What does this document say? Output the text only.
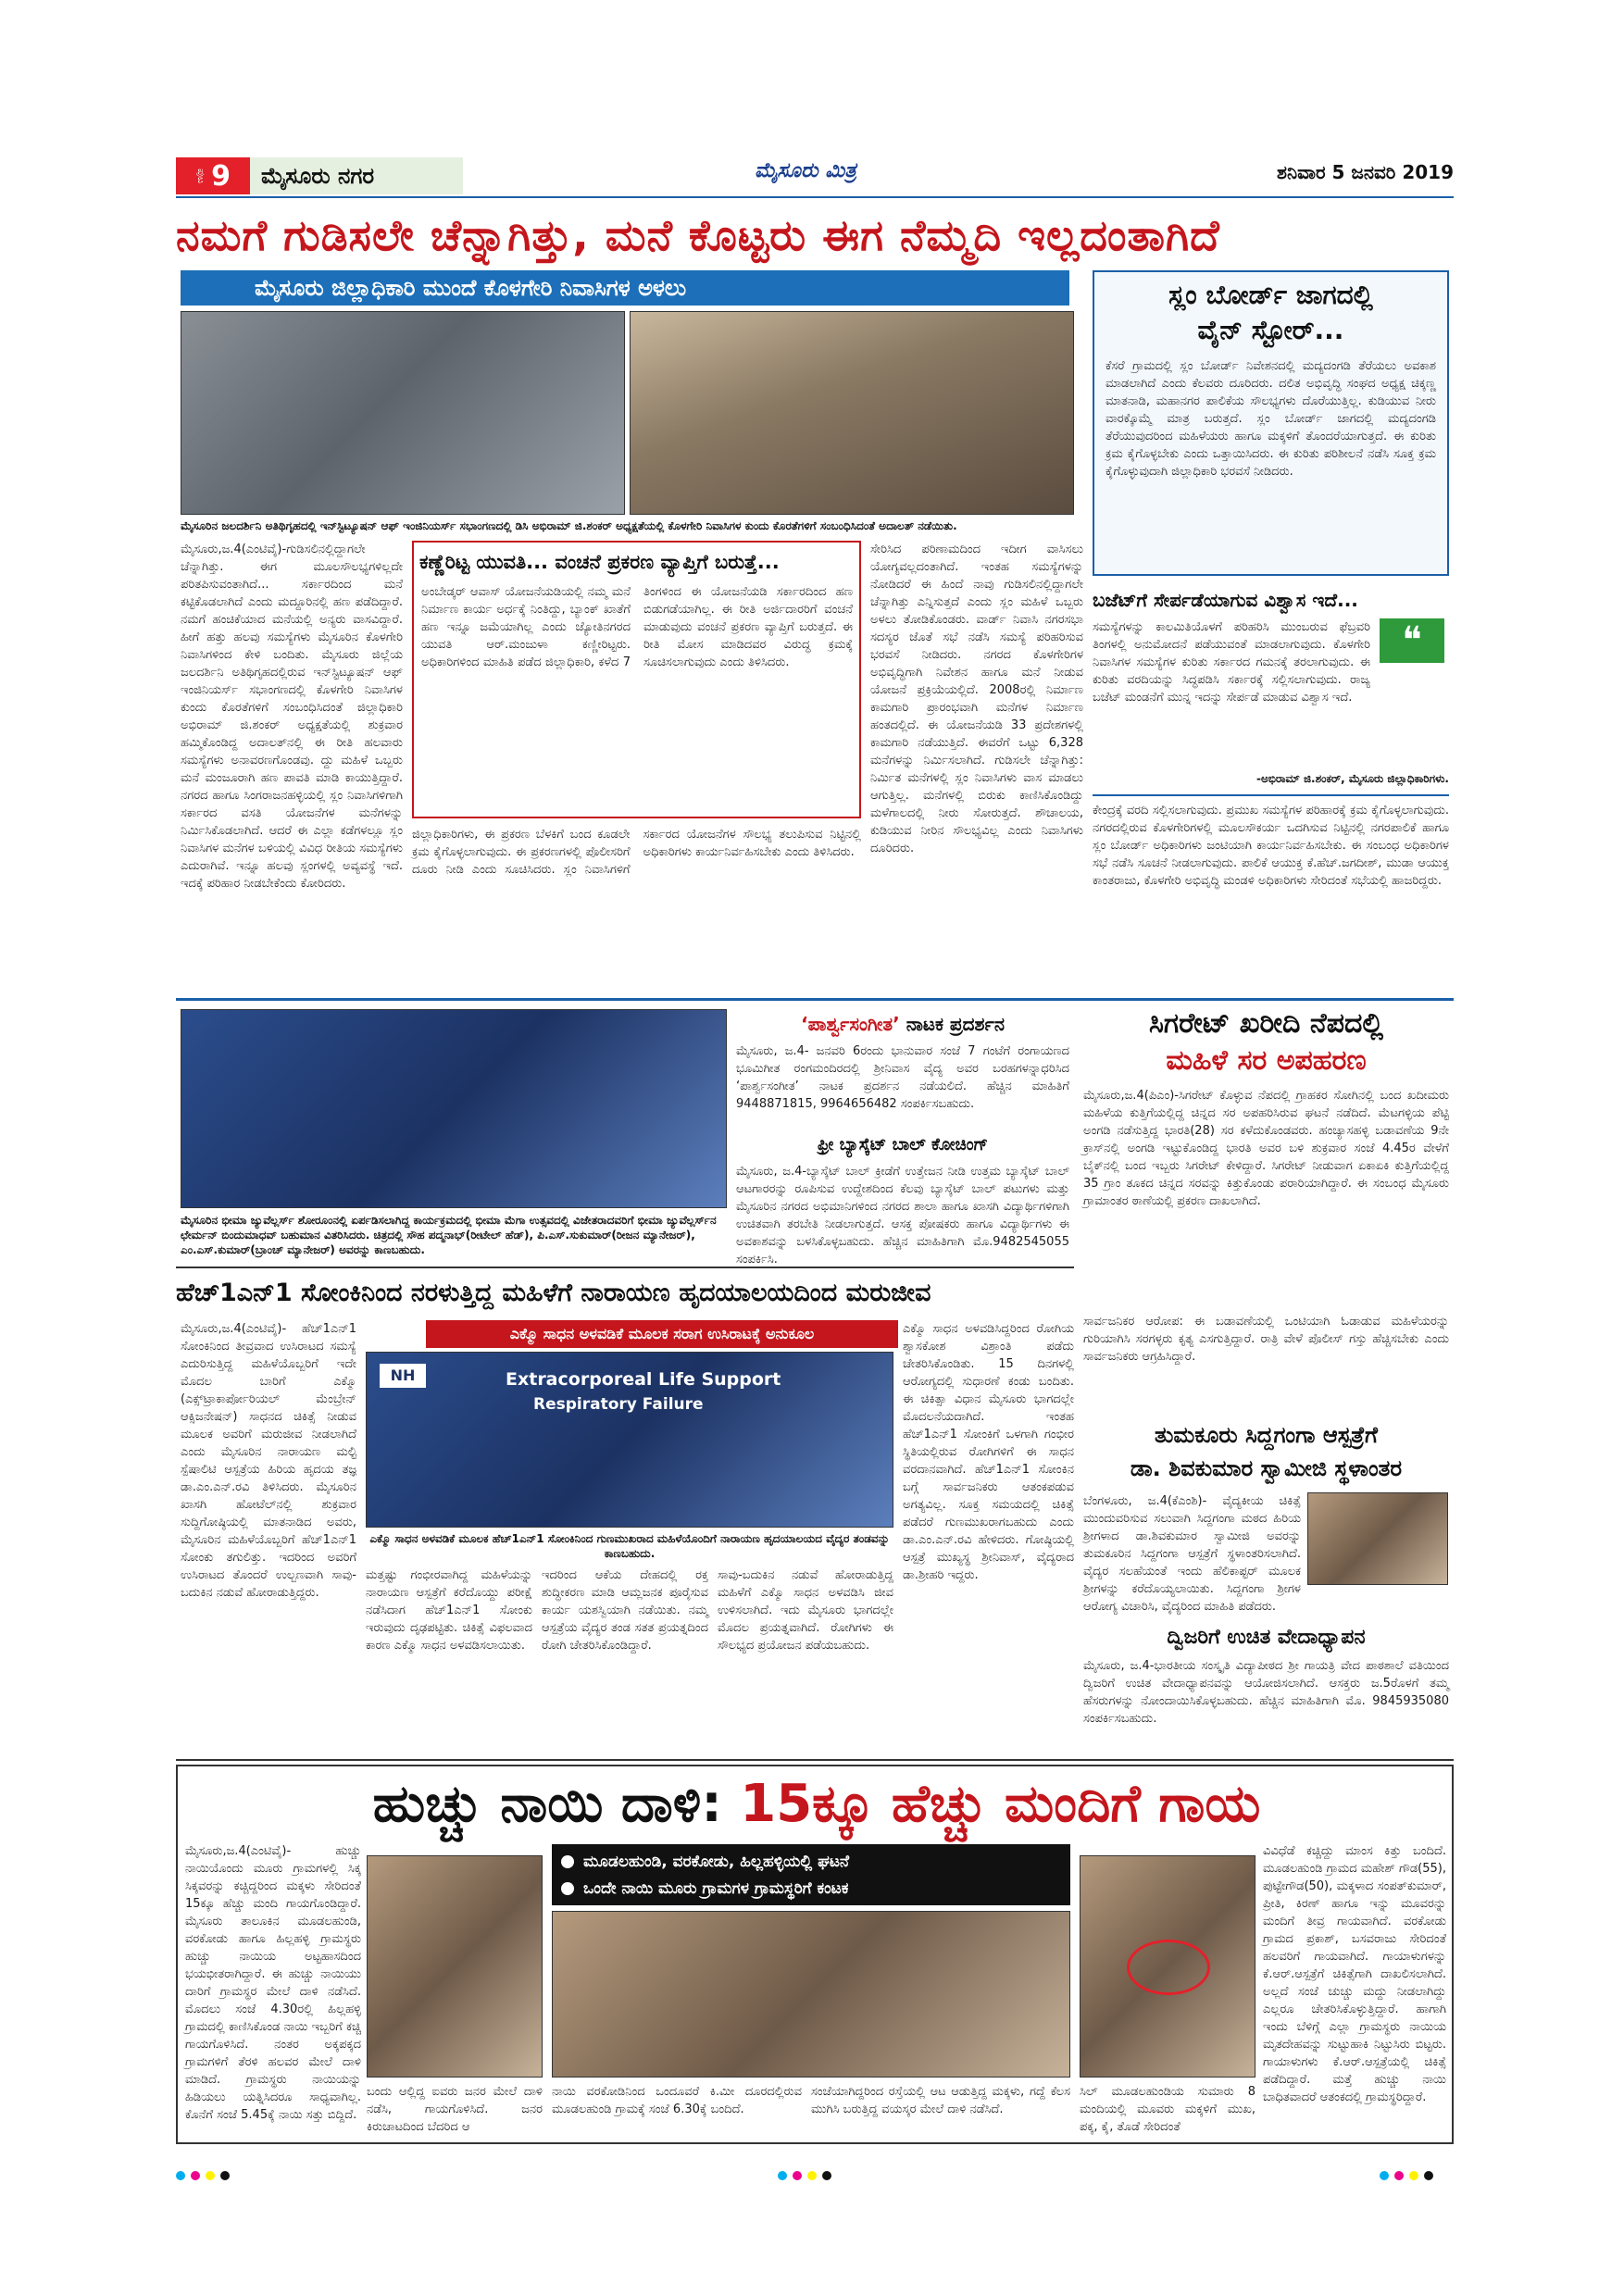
ಪುಟ 9	ಮೈಸೂರು ನಗರ	ಮೈಸೂರು ಮಿತ್ರ	ಶನಿವಾರ 5 ಜನವರಿ 2019
ನಮಗೆ ಗುಡಿಸಲೇ ಚೆನ್ನಾಗಿತ್ತು, ಮನೆ ಕೊಟ್ಟರು ಈಗ ನೆಮ್ಮದಿ ಇಲ್ಲದಂತಾಗಿದೆ
ಮೈಸೂರು ಜಿಲ್ಲಾಧಿಕಾರಿ ಮುಂದೆ ಕೊಳಗೇರಿ ನಿವಾಸಿಗಳ ಅಳಲು
ಮೈಸೂರಿನ ಜಲದರ್ಶಿನಿ ಅತಿಥಿಗೃಹದಲ್ಲಿ ಇನ್‌ಸ್ಟಿಟ್ಯೂಷನ್ ಆಫ್ ಇಂಜಿನಿಯರ್ಸ್ ಸಭಾಂಗಣದಲ್ಲಿ ಡಿಸಿ ಅಭಿರಾಮ್ ಜಿ.ಶಂಕರ್ ಅಧ್ಯಕ್ಷತೆಯಲ್ಲಿ ಕೊಳಗೇರಿ ನಿವಾಸಿಗಳ ಕುಂದು ಕೊರತೆಗಳಿಗೆ ಸಂಬಂಧಿಸಿದಂತೆ ಅದಾಲತ್ ನಡೆಯಿತು.
ಮೈಸೂರು,ಜ.4(ಎಂಟಿವೈ)-ಗುಡಿಸಲಿನಲ್ಲಿದ್ದಾಗಲೇ ಚೆನ್ನಾಗಿತ್ತು. ಈಗ ಮೂಲಸೌಲಭ್ಯಗಳಿಲ್ಲದೇ ಪರಿತಪಿಸುವಂತಾಗಿದೆ... ಸರ್ಕಾರದಿಂದ ಮನೆ ಕಟ್ಟಿಕೊಡಲಾಗಿದೆ ಎಂದು ಮದ್ದೂರಿನಲ್ಲಿ ಹಣ ಪಡೆದಿದ್ದಾರೆ. ನಮಗೆ ಹಂಚಿಕೆಯಾದ ಮನೆಯಲ್ಲಿ ಅನ್ಯರು ವಾಸವಿದ್ದಾರೆ. ಹೀಗೆ ಹತ್ತು ಹಲವು ಸಮಸ್ಯೆಗಳು ಮೈಸೂರಿನ ಕೊಳಗೇರಿ ನಿವಾಸಿಗಳಿಂದ ಕೇಳಿ ಬಂದಿತು. ಮೈಸೂರು ಜಿಲ್ಲೆಯ ಜಲದರ್ಶಿನಿ ಅತಿಥಿಗೃಹದಲ್ಲಿರುವ ಇನ್‌ಸ್ಟಿಟ್ಯೂಷನ್ ಆಫ್ ಇಂಜಿನಿಯರ್ಸ್ ಸಭಾಂಗಣದಲ್ಲಿ ಕೊಳಗೇರಿ ನಿವಾಸಿಗಳ ಕುಂದು ಕೊರತೆಗಳಿಗೆ ಸಂಬಂಧಿಸಿದಂತೆ ಜಿಲ್ಲಾಧಿಕಾರಿ ಅಭಿರಾಮ್ ಜಿ.ಶಂಕರ್ ಅಧ್ಯಕ್ಷತೆಯಲ್ಲಿ ಶುಕ್ರವಾರ ಹಮ್ಮಿಕೊಂಡಿದ್ದ ಅದಾಲತ್‌ನಲ್ಲಿ ಈ ರೀತಿ ಹಲವಾರು ಸಮಸ್ಯೆಗಳು ಅನಾವರಣಗೊಂಡವು. ದ್ದು ಮಹಿಳೆ ಒಬ್ಬರು ಮನೆ ಮಂಜೂರಾಗಿ ಹಣ ಪಾವತಿ ಮಾಡಿ ಕಾಯುತ್ತಿದ್ದಾರೆ. ನಗರದ ಹಾಗೂ ಸಿಂಗರಾಜನಹಳ್ಳಿಯಲ್ಲಿ ಸ್ಲಂ ನಿವಾಸಿಗಳಿಗಾಗಿ ಸರ್ಕಾರದ ವಸತಿ ಯೋಜನೆಗಳ ಮನೆಗಳನ್ನು ನಿರ್ಮಿಸಿಕೊಡಲಾಗಿದೆ. ಆದರೆ ಈ ಎಲ್ಲಾ ಕಡೆಗಳಲ್ಲೂ ಸ್ಲಂ ನಿವಾಸಿಗಳ ಮನೆಗಳ ಬಳಿಯಲ್ಲಿ ವಿವಿಧ ರೀತಿಯ ಸಮಸ್ಯೆಗಳು ಎದುರಾಗಿವೆ. ಇನ್ನೂ ಹಲವು ಸ್ಲಂಗಳಲ್ಲಿ ಅವ್ಯವಸ್ಥೆ ಇದೆ. ಇದಕ್ಕೆ ಪರಿಹಾರ ನೀಡಬೇಕೆಂದು ಕೋರಿದರು.
ಕಣ್ಣೆರಿಟ್ಟ ಯುವತಿ... ವಂಚನೆ ಪ್ರಕರಣ ವ್ಯಾಪ್ತಿಗೆ ಬರುತ್ತೆ...
ಅಂಬೇಡ್ಕರ್ ಆವಾಸ್ ಯೋಜನೆಯಡಿಯಲ್ಲಿ ನಮ್ಮ ಮನೆ ನಿರ್ಮಾಣ ಕಾರ್ಯ ಅರ್ಧಕ್ಕೆ ನಿಂತಿದ್ದು, ಬ್ಯಾಂಕ್ ಖಾತೆಗೆ ಹಣ ಇನ್ನೂ ಜಮೆಯಾಗಿಲ್ಲ ಎಂದು ಜ್ಯೋತಿನಗರದ ಯುವತಿ ಆರ್.ಮಂಜುಳಾ ಕಣ್ಣೀರಿಟ್ಟರು. ಅಧಿಕಾರಿಗಳಿಂದ ಮಾಹಿತಿ ಪಡೆದ ಜಿಲ್ಲಾಧಿಕಾರಿ, ಕಳೆದ 7 ತಿಂಗಳಿಂದ ಈ ಯೋಜನೆಯಡಿ ಸರ್ಕಾರದಿಂದ ಹಣ ಬಿಡುಗಡೆಯಾಗಿಲ್ಲ. ಈ ರೀತಿ ಅರ್ಜಿದಾರರಿಗೆ ವಂಚನೆ ಮಾಡುವುದು ವಂಚನೆ ಪ್ರಕರಣ ವ್ಯಾಪ್ತಿಗೆ ಬರುತ್ತದೆ. ಈ ರೀತಿ ಮೋಸ ಮಾಡಿದವರ ವಿರುದ್ಧ ಕ್ರಮಕ್ಕೆ ಸೂಚಿಸಲಾಗುವುದು ಎಂದು ತಿಳಿಸಿದರು.
ಜಿಲ್ಲಾಧಿಕಾರಿಗಳು, ಈ ಪ್ರಕರಣ ಬೆಳಕಿಗೆ ಬಂದ ಕೂಡಲೇ ಕ್ರಮ ಕೈಗೊಳ್ಳಲಾಗುವುದು. ಈ ಪ್ರಕರಣಗಳಲ್ಲಿ ಪೊಲೀಸರಿಗೆ ದೂರು ನೀಡಿ ಎಂದು ಸೂಚಿಸಿದರು. ಸ್ಲಂ ನಿವಾಸಿಗಳಿಗೆ ಸರ್ಕಾರದ ಯೋಜನೆಗಳ ಸೌಲಭ್ಯ ತಲುಪಿಸುವ ನಿಟ್ಟಿನಲ್ಲಿ ಅಧಿಕಾರಿಗಳು ಕಾರ್ಯನಿರ್ವಹಿಸಬೇಕು ಎಂದು ತಿಳಿಸಿದರು.
ಸೇರಿಸಿದ ಪರಿಣಾಮದಿಂದ ಇದೀಗ ವಾಸಿಸಲು ಯೋಗ್ಯವಲ್ಲದಂತಾಗಿದೆ. ಇಂತಹ ಸಮಸ್ಯೆಗಳನ್ನು ನೋಡಿದರೆ ಈ ಹಿಂದೆ ನಾವು ಗುಡಿಸಲಿನಲ್ಲಿದ್ದಾಗಲೇ ಚೆನ್ನಾಗಿತ್ತು ಎನ್ನಿಸುತ್ತದೆ ಎಂದು ಸ್ಲಂ ಮಹಿಳೆ ಒಬ್ಬರು ಅಳಲು ತೋಡಿಕೊಂಡರು. ವಾರ್ಡ್ ನಿವಾಸಿ ನಗರಸಭಾ ಸದಸ್ಯರ ಜೊತೆ ಸಭೆ ನಡೆಸಿ ಸಮಸ್ಯೆ ಪರಿಹರಿಸುವ ಭರವಸೆ ನೀಡಿದರು. ನಗರದ ಕೊಳಗೇರಿಗಳ ಅಭಿವೃದ್ಧಿಗಾಗಿ ನಿವೇಶನ ಹಾಗೂ ಮನೆ ನೀಡುವ ಯೋಜನೆ ಪ್ರಕ್ರಿಯೆಯಲ್ಲಿದೆ. 2008ರಲ್ಲಿ ನಿರ್ಮಾಣ ಕಾಮಗಾರಿ ಪ್ರಾರಂಭವಾಗಿ ಮನೆಗಳ ನಿರ್ಮಾಣ ಹಂತದಲ್ಲಿದೆ. ಈ ಯೋಜನೆಯಡಿ 33 ಪ್ರದೇಶಗಳಲ್ಲಿ ಕಾಮಗಾರಿ ನಡೆಯುತ್ತಿದೆ. ಈವರೆಗೆ ಒಟ್ಟು 6,328 ಮನೆಗಳನ್ನು ನಿರ್ಮಿಸಲಾಗಿದೆ. ಗುಡಿಸಲೇ ಚೆನ್ನಾಗಿತ್ತು: ನಿರ್ಮಿತ ಮನೆಗಳಲ್ಲಿ ಸ್ಲಂ ನಿವಾಸಿಗಳು ವಾಸ ಮಾಡಲು ಆಗುತ್ತಿಲ್ಲ. ಮನೆಗಳಲ್ಲಿ ಬಿರುಕು ಕಾಣಿಸಿಕೊಂಡಿದ್ದು ಮಳೆಗಾಲದಲ್ಲಿ ನೀರು ಸೋರುತ್ತದೆ. ಶೌಚಾಲಯ, ಕುಡಿಯುವ ನೀರಿನ ಸೌಲಭ್ಯವಿಲ್ಲ ಎಂದು ನಿವಾಸಿಗಳು ದೂರಿದರು.
ಸ್ಲಂ ಬೋರ್ಡ್ ಜಾಗದಲ್ಲಿ
ವೈನ್ ಸ್ಟೋರ್...
ಕೆಸರೆ ಗ್ರಾಮದಲ್ಲಿ ಸ್ಲಂ ಬೋರ್ಡ್ ನಿವೇಶನದಲ್ಲಿ ಮದ್ಯದಂಗಡಿ ತೆರೆಯಲು ಅವಕಾಶ ಮಾಡಲಾಗಿದೆ ಎಂದು ಕೆಲವರು ದೂರಿದರು. ದಲಿತ ಅಭಿವೃದ್ಧಿ ಸಂಘದ ಅಧ್ಯಕ್ಷ ಚಿಕ್ಕಣ್ಣ ಮಾತನಾಡಿ, ಮಹಾನಗರ ಪಾಲಿಕೆಯ ಸೌಲಭ್ಯಗಳು ದೊರೆಯುತ್ತಿಲ್ಲ. ಕುಡಿಯುವ ನೀರು ವಾರಕ್ಕೊಮ್ಮೆ ಮಾತ್ರ ಬರುತ್ತದೆ. ಸ್ಲಂ ಬೋರ್ಡ್ ಜಾಗದಲ್ಲಿ ಮದ್ಯದಂಗಡಿ ತೆರೆಯುವುದರಿಂದ ಮಹಿಳೆಯರು ಹಾಗೂ ಮಕ್ಕಳಿಗೆ ತೊಂದರೆಯಾಗುತ್ತದೆ. ಈ ಕುರಿತು ಕ್ರಮ ಕೈಗೊಳ್ಳಬೇಕು ಎಂದು ಒತ್ತಾಯಿಸಿದರು. ಈ ಕುರಿತು ಪರಿಶೀಲನೆ ನಡೆಸಿ ಸೂಕ್ತ ಕ್ರಮ ಕೈಗೊಳ್ಳುವುದಾಗಿ ಜಿಲ್ಲಾಧಿಕಾರಿ ಭರವಸೆ ನೀಡಿದರು.
ಬಜೆಟ್‌ಗೆ ಸೇರ್ಪಡೆಯಾಗುವ ವಿಶ್ವಾಸ ಇದೆ...
❝
ಸಮಸ್ಯೆಗಳನ್ನು ಕಾಲಮಿತಿಯೊಳಗೆ ಪರಿಹರಿಸಿ ಮುಂಬರುವ ಫೆಬ್ರವರಿ ತಿಂಗಳಲ್ಲಿ ಅನುಮೋದನೆ ಪಡೆಯುವಂತೆ ಮಾಡಲಾಗುವುದು. ಕೊಳಗೇರಿ ನಿವಾಸಿಗಳ ಸಮಸ್ಯೆಗಳ ಕುರಿತು ಸರ್ಕಾರದ ಗಮನಕ್ಕೆ ತರಲಾಗುವುದು. ಈ ಕುರಿತು ವರದಿಯನ್ನು ಸಿದ್ಧಪಡಿಸಿ ಸರ್ಕಾರಕ್ಕೆ ಸಲ್ಲಿಸಲಾಗುವುದು. ರಾಜ್ಯ ಬಜೆಟ್ ಮಂಡನೆಗೆ ಮುನ್ನ ಇದನ್ನು ಸೇರ್ಪಡೆ ಮಾಡುವ ವಿಶ್ವಾಸ ಇದೆ.
-ಅಭಿರಾಮ್ ಜಿ.ಶಂಕರ್, ಮೈಸೂರು ಜಿಲ್ಲಾಧಿಕಾರಿಗಳು.
ಕೇಂದ್ರಕ್ಕೆ ವರದಿ ಸಲ್ಲಿಸಲಾಗುವುದು. ಪ್ರಮುಖ ಸಮಸ್ಯೆಗಳ ಪರಿಹಾರಕ್ಕೆ ಕ್ರಮ ಕೈಗೊಳ್ಳಲಾಗುವುದು. ನಗರದಲ್ಲಿರುವ ಕೊಳಗೇರಿಗಳಲ್ಲಿ ಮೂಲಸೌಕರ್ಯ ಒದಗಿಸುವ ನಿಟ್ಟಿನಲ್ಲಿ ನಗರಪಾಲಿಕೆ ಹಾಗೂ ಸ್ಲಂ ಬೋರ್ಡ್ ಅಧಿಕಾರಿಗಳು ಜಂಟಿಯಾಗಿ ಕಾರ್ಯನಿರ್ವಹಿಸಬೇಕು. ಈ ಸಂಬಂಧ ಅಧಿಕಾರಿಗಳ ಸಭೆ ನಡೆಸಿ ಸೂಚನೆ ನೀಡಲಾಗುವುದು. ಪಾಲಿಕೆ ಆಯುಕ್ತ ಕೆ.ಹೆಚ್.ಜಗದೀಶ್, ಮುಡಾ ಆಯುಕ್ತ ಕಾಂತರಾಜು, ಕೊಳಗೇರಿ ಅಭಿವೃದ್ಧಿ ಮಂಡಳಿ ಅಧಿಕಾರಿಗಳು ಸೇರಿದಂತೆ ಸಭೆಯಲ್ಲಿ ಹಾಜರಿದ್ದರು.
ಮೈಸೂರಿನ ಭೀಮಾ ಜ್ಯುವೆಲ್ಲರ್ಸ್ ಶೋರೂಂನಲ್ಲಿ ಏರ್ಪಡಿಸಲಾಗಿದ್ದ ಕಾರ್ಯಕ್ರಮದಲ್ಲಿ ಭೀಮಾ ಮೆಗಾ ಉತ್ಸವದಲ್ಲಿ ವಿಜೇತರಾದವರಿಗೆ ಭೀಮಾ ಜ್ಯುವೆಲ್ಲರ್ಸ್‌ನ ಛೇರ್ಮನ್ ಬಿಂದುಮಾಧವ್ ಬಹುಮಾನ ವಿತರಿಸಿದರು. ಚಿತ್ರದಲ್ಲಿ ಸೌಹ ಪದ್ಮನಾಭ್(ರೀಟೇಲ್ ಹೆಡ್), ಪಿ.ಎಸ್.ಸುಕುಮಾರ್(ರೀಜನ ಮ್ಯಾನೇಜರ್), ಎಂ.ಎಸ್.ಕುಮಾರ್(ಬ್ರಾಂಚ್ ಮ್ಯಾನೇಜರ್) ಅವರನ್ನು ಕಾಣಬಹುದು.
‘ಪಾರ್ಶ್ವಸಂಗೀತ’ ನಾಟಕ ಪ್ರದರ್ಶನ
ಮೈಸೂರು, ಜ.4- ಜನವರಿ 6ರಂದು ಭಾನುವಾರ ಸಂಜೆ 7 ಗಂಟೆಗೆ ರಂಗಾಯಣದ ಭೂಮಿಗೀತ ರಂಗಮಂದಿರದಲ್ಲಿ ಶ್ರೀನಿವಾಸ ವೈದ್ಯ ಅವರ ಬರಹಗಳನ್ನಾಧರಿಸಿದ ‘ಪಾರ್ಶ್ವಸಂಗೀತ’ ನಾಟಕ ಪ್ರದರ್ಶನ ನಡೆಯಲಿದೆ. ಹೆಚ್ಚಿನ ಮಾಹಿತಿಗೆ 9448871815, 9964656482 ಸಂಪರ್ಕಿಸಬಹುದು.
ಫ್ರೀ ಬ್ಯಾಸ್ಕೆಟ್ ಬಾಲ್ ಕೋಚಿಂಗ್
ಮೈಸೂರು, ಜ.4-ಬ್ಯಾಸ್ಕೆಟ್ ಬಾಲ್ ಕ್ರೀಡೆಗೆ ಉತ್ತೇಜನ ನೀಡಿ ಉತ್ತಮ ಬ್ಯಾಸ್ಕೆಟ್ ಬಾಲ್ ಆಟಗಾರರನ್ನು ರೂಪಿಸುವ ಉದ್ದೇಶದಿಂದ ಕೆಲವು ಬ್ಯಾಸ್ಕೆಟ್ ಬಾಲ್ ಪಟುಗಳು ಮತ್ತು ಮೈಸೂರಿನ ನಗರದ ಅಭಿಮಾನಿಗಳಿಂದ ನಗರದ ಶಾಲಾ ಹಾಗೂ ಖಾಸಗಿ ವಿದ್ಯಾರ್ಥಿಗಳಿಗಾಗಿ ಉಚಿತವಾಗಿ ತರಬೇತಿ ನೀಡಲಾಗುತ್ತದೆ. ಆಸಕ್ತ ಪೋಷಕರು ಹಾಗೂ ವಿದ್ಯಾರ್ಥಿಗಳು ಈ ಅವಕಾಶವನ್ನು ಬಳಸಿಕೊಳ್ಳಬಹುದು. ಹೆಚ್ಚಿನ ಮಾಹಿತಿಗಾಗಿ ಮೊ.9482545055 ಸಂಪರ್ಕಿಸಿ.
ಸಿಗರೇಟ್ ಖರೀದಿ ನೆಪದಲ್ಲಿ
ಮಹಿಳೆ ಸರ ಅಪಹರಣ
ಮೈಸೂರು,ಜ.4(ಪಿಎಂ)-ಸಿಗರೇಟ್ ಕೊಳ್ಳುವ ನೆಪದಲ್ಲಿ ಗ್ರಾಹಕರ ಸೋಗಿನಲ್ಲಿ ಬಂದ ಖದೀಮರು ಮಹಿಳೆಯ ಕುತ್ತಿಗೆಯಲ್ಲಿದ್ದ ಚಿನ್ನದ ಸರ ಅಪಹರಿಸಿರುವ ಘಟನೆ ನಡೆದಿದೆ. ಮೆಟಗಳ್ಳಿಯ ಪೆಟ್ಟಿ ಅಂಗಡಿ ನಡೆಸುತ್ತಿದ್ದ ಭಾರತಿ(28) ಸರ ಕಳೆದುಕೊಂಡವರು. ಹಂಚ್ಯಾಸಹಳ್ಳಿ ಬಡಾವಣೆಯ 9ನೇ ಕ್ರಾಸ್‌ನಲ್ಲಿ ಅಂಗಡಿ ಇಟ್ಟುಕೊಂಡಿದ್ದ ಭಾರತಿ ಅವರ ಬಳಿ ಶುಕ್ರವಾರ ಸಂಜೆ 4.45ರ ವೇಳೆಗೆ ಬೈಕ್‌ನಲ್ಲಿ ಬಂದ ಇಬ್ಬರು ಸಿಗರೇಟ್ ಕೇಳಿದ್ದಾರೆ. ಸಿಗರೇಟ್ ನೀಡುವಾಗ ಏಕಾಏಕಿ ಕುತ್ತಿಗೆಯಲ್ಲಿದ್ದ 35 ಗ್ರಾಂ ತೂಕದ ಚಿನ್ನದ ಸರವನ್ನು ಕಿತ್ತುಕೊಂಡು ಪರಾರಿಯಾಗಿದ್ದಾರೆ. ಈ ಸಂಬಂಧ ಮೈಸೂರು ಗ್ರಾಮಾಂತರ ಠಾಣೆಯಲ್ಲಿ ಪ್ರಕರಣ ದಾಖಲಾಗಿದೆ.
ಸಾರ್ವಜನಿಕರ ಆರೋಪ: ಈ ಬಡಾವಣೆಯಲ್ಲಿ ಒಂಟಿಯಾಗಿ ಓಡಾಡುವ ಮಹಿಳೆಯರನ್ನು ಗುರಿಯಾಗಿಸಿ ಸರಗಳ್ಳರು ಕೃತ್ಯ ಎಸಗುತ್ತಿದ್ದಾರೆ. ರಾತ್ರಿ ವೇಳೆ ಪೊಲೀಸ್ ಗಸ್ತು ಹೆಚ್ಚಿಸಬೇಕು ಎಂದು ಸಾರ್ವಜನಿಕರು ಆಗ್ರಹಿಸಿದ್ದಾರೆ.
ಹೆಚ್1ಎನ್1 ಸೋಂಕಿನಿಂದ ನರಳುತ್ತಿದ್ದ ಮಹಿಳೆಗೆ ನಾರಾಯಣ ಹೃದಯಾಲಯದಿಂದ ಮರುಜೀವ
ಎಕ್ಮೊ ಸಾಧನ ಅಳವಡಿಕೆ ಮೂಲಕ ಸರಾಗ ಉಸಿರಾಟಕ್ಕೆ ಅನುಕೂಲ
ಮೈಸೂರು,ಜ.4(ಎಂಟಿವೈ)- ಹೆಚ್1ಎನ್1 ಸೋಂಕಿನಿಂದ ತೀವ್ರವಾದ ಉಸಿರಾಟದ ಸಮಸ್ಯೆ ಎದುರಿಸುತ್ತಿದ್ದ ಮಹಿಳೆಯೊಬ್ಬರಿಗೆ ಇದೇ ಮೊದಲ ಬಾರಿಗೆ ಎಕ್ಮೊ (ಎಕ್ಸ್‌ಟ್ರಾಕಾರ್ಪೋರಿಯಲ್ ಮೆಂಬ್ರೇನ್ ಆಕ್ಸಿಜನೇಷನ್) ಸಾಧನದ ಚಿಕಿತ್ಸೆ ನೀಡುವ ಮೂಲಕ ಅವರಿಗೆ ಮರುಜೀವ ನೀಡಲಾಗಿದೆ ಎಂದು ಮೈಸೂರಿನ ನಾರಾಯಣ ಮಲ್ಟಿ ಸ್ಪೆಷಾಲಿಟಿ ಆಸ್ಪತ್ರೆಯ ಹಿರಿಯ ಹೃದಯ ತಜ್ಞ ಡಾ.ಎಂ.ಎನ್.ರವಿ ತಿಳಿಸಿದರು. ಮೈಸೂರಿನ ಖಾಸಗಿ ಹೋಟೆಲ್‌ನಲ್ಲಿ ಶುಕ್ರವಾರ ಸುದ್ದಿಗೋಷ್ಠಿಯಲ್ಲಿ ಮಾತನಾಡಿದ ಅವರು, ಮೈಸೂರಿನ ಮಹಿಳೆಯೊಬ್ಬರಿಗೆ ಹೆಚ್1ಎನ್1 ಸೋಂಕು ತಗುಲಿತ್ತು. ಇದರಿಂದ ಅವರಿಗೆ ಉಸಿರಾಟದ ತೊಂದರೆ ಉಲ್ಬಣವಾಗಿ ಸಾವು-ಬದುಕಿನ ನಡುವೆ ಹೋರಾಡುತ್ತಿದ್ದರು.
NH	Extracorporeal Life Support
Respiratory Failure
ಎಕ್ಮೊ ಸಾಧನ ಅಳವಡಿಕೆ ಮೂಲಕ ಹೆಚ್1ಎನ್1 ಸೋಂಕಿನಿಂದ ಗುಣಮುಖರಾದ ಮಹಿಳೆಯೊಂದಿಗೆ ನಾರಾಯಣ ಹೃದಯಾಲಯದ ವೈದ್ಯರ ತಂಡವನ್ನು ಕಾಣಬಹುದು.
ಮತ್ತಷ್ಟು ಗಂಭೀರವಾಗಿದ್ದ ಮಹಿಳೆಯನ್ನು ನಾರಾಯಣ ಆಸ್ಪತ್ರೆಗೆ ಕರೆದೊಯ್ದು ಪರೀಕ್ಷೆ ನಡೆಸಿದಾಗ ಹೆಚ್1ಎನ್1 ಸೋಂಕು ಇರುವುದು ದೃಢಪಟ್ಟಿತು. ಚಿಕಿತ್ಸೆ ವಿಫಲವಾದ ಕಾರಣ ಎಕ್ಮೊ ಸಾಧನ ಅಳವಡಿಸಲಾಯಿತು.
ಇದರಿಂದ ಆಕೆಯ ದೇಹದಲ್ಲಿ ರಕ್ತ ಶುದ್ಧೀಕರಣ ಮಾಡಿ ಆಮ್ಲಜನಕ ಪೂರೈಸುವ ಕಾರ್ಯ ಯಶಸ್ವಿಯಾಗಿ ನಡೆಯಿತು. ನಮ್ಮ ಆಸ್ಪತ್ರೆಯ ವೈದ್ಯರ ತಂಡ ಸತತ ಪ್ರಯತ್ನದಿಂದ ರೋಗಿ ಚೇತರಿಸಿಕೊಂಡಿದ್ದಾರೆ.
ಸಾವು-ಬದುಕಿನ ನಡುವೆ ಹೋರಾಡುತ್ತಿದ್ದ ಮಹಿಳೆಗೆ ಎಕ್ಮೊ ಸಾಧನ ಅಳವಡಿಸಿ ಜೀವ ಉಳಿಸಲಾಗಿದೆ. ಇದು ಮೈಸೂರು ಭಾಗದಲ್ಲೇ ಮೊದಲ ಪ್ರಯತ್ನವಾಗಿದೆ. ರೋಗಿಗಳು ಈ ಸೌಲಭ್ಯದ ಪ್ರಯೋಜನ ಪಡೆಯಬಹುದು.
ಎಕ್ಮೊ ಸಾಧನ ಅಳವಡಿಸಿದ್ದರಿಂದ ರೋಗಿಯ ಶ್ವಾಸಕೋಶ ವಿಶ್ರಾಂತಿ ಪಡೆದು ಚೇತರಿಸಿಕೊಂಡಿತು. 15 ದಿನಗಳಲ್ಲಿ ಆರೋಗ್ಯದಲ್ಲಿ ಸುಧಾರಣೆ ಕಂಡು ಬಂದಿತು. ಈ ಚಿಕಿತ್ಸಾ ವಿಧಾನ ಮೈಸೂರು ಭಾಗದಲ್ಲೇ ಮೊದಲನೆಯದಾಗಿದೆ. ಇಂತಹ ಹೆಚ್1ಎನ್1 ಸೋಂಕಿಗೆ ಒಳಗಾಗಿ ಗಂಭೀರ ಸ್ಥಿತಿಯಲ್ಲಿರುವ ರೋಗಿಗಳಿಗೆ ಈ ಸಾಧನ ವರದಾನವಾಗಿದೆ. ಹೆಚ್1ಎನ್1 ಸೋಂಕಿನ ಬಗ್ಗೆ ಸಾರ್ವಜನಿಕರು ಆತಂಕಪಡುವ ಅಗತ್ಯವಿಲ್ಲ. ಸೂಕ್ತ ಸಮಯದಲ್ಲಿ ಚಿಕಿತ್ಸೆ ಪಡೆದರೆ ಗುಣಮುಖರಾಗಬಹುದು ಎಂದು ಡಾ.ಎಂ.ಎನ್.ರವಿ ಹೇಳಿದರು. ಗೋಷ್ಠಿಯಲ್ಲಿ ಆಸ್ಪತ್ರೆ ಮುಖ್ಯಸ್ಥ ಶ್ರೀನಿವಾಸ್, ವೈದ್ಯರಾದ ಡಾ.ಶ್ರೀಹರಿ ಇದ್ದರು.
ತುಮಕೂರು ಸಿದ್ದಗಂಗಾ ಆಸ್ಪತ್ರೆಗೆ
ಡಾ. ಶಿವಕುಮಾರ ಸ್ವಾಮೀಜಿ ಸ್ಥಳಾಂತರ
ಬೆಂಗಳೂರು, ಜ.4(ಕೆಎಂಶಿ)- ವೈದ್ಯಕೀಯ ಚಿಕಿತ್ಸೆ ಮುಂದುವರಿಸುವ ಸಲುವಾಗಿ ಸಿದ್ದಗಂಗಾ ಮಠದ ಹಿರಿಯ ಶ್ರೀಗಳಾದ ಡಾ.ಶಿವಕುಮಾರ ಸ್ವಾಮೀಜಿ ಅವರನ್ನು ತುಮಕೂರಿನ ಸಿದ್ದಗಂಗಾ ಆಸ್ಪತ್ರೆಗೆ ಸ್ಥಳಾಂತರಿಸಲಾಗಿದೆ. ವೈದ್ಯರ ಸಲಹೆಯಂತೆ ಇಂದು ಹೆಲಿಕಾಪ್ಟರ್ ಮೂಲಕ ಶ್ರೀಗಳನ್ನು ಕರೆದೊಯ್ಯಲಾಯಿತು. ಸಿದ್ದಗಂಗಾ ಶ್ರೀಗಳ ಆರೋಗ್ಯ ವಿಚಾರಿಸಿ, ವೈದ್ಯರಿಂದ ಮಾಹಿತಿ ಪಡೆದರು.
ದ್ವಿಜರಿಗೆ ಉಚಿತ ವೇದಾಧ್ಯಾಪನ
ಮೈಸೂರು, ಜ.4-ಭಾರತೀಯ ಸಂಸ್ಕೃತಿ ವಿದ್ಯಾಪೀಠದ ಶ್ರೀ ಗಾಯತ್ರಿ ವೇದ ಪಾಠಶಾಲೆ ವತಿಯಿಂದ ದ್ವಿಜರಿಗೆ ಉಚಿತ ವೇದಾಧ್ಯಾಪನವನ್ನು ಆಯೋಜಿಸಲಾಗಿದೆ. ಆಸಕ್ತರು ಜ.5ರೊಳಗೆ ತಮ್ಮ ಹೆಸರುಗಳನ್ನು ನೋಂದಾಯಿಸಿಕೊಳ್ಳಬಹುದು. ಹೆಚ್ಚಿನ ಮಾಹಿತಿಗಾಗಿ ಮೊ. 9845935080 ಸಂಪರ್ಕಿಸಬಹುದು.
ಹುಚ್ಚು ನಾಯಿ ದಾಳಿ: 15ಕ್ಕೂ ಹೆಚ್ಚು ಮಂದಿಗೆ ಗಾಯ
ಮೈಸೂರು,ಜ.4(ಎಂಟಿವೈ)- ಹುಚ್ಚು ನಾಯಿಯೊಂದು ಮೂರು ಗ್ರಾಮಗಳಲ್ಲಿ ಸಿಕ್ಕ ಸಿಕ್ಕವರನ್ನು ಕಚ್ಚಿದ್ದರಿಂದ ಮಕ್ಕಳು ಸೇರಿದಂತೆ 15ಕ್ಕೂ ಹೆಚ್ಚು ಮಂದಿ ಗಾಯಗೊಂಡಿದ್ದಾರೆ. ಮೈಸೂರು ತಾಲೂಕಿನ ಮೂಡಲಹುಂಡಿ, ವರಕೋಡು ಹಾಗೂ ಹಿಲ್ಲಹಳ್ಳಿ ಗ್ರಾಮಸ್ಥರು ಹುಚ್ಚು ನಾಯಿಯ ಅಟ್ಟಹಾಸದಿಂದ ಭಯಭೀತರಾಗಿದ್ದಾರೆ. ಈ ಹುಚ್ಚು ನಾಯಿಯು ದಾರಿಗೆ ಗ್ರಾಮಸ್ಥರ ಮೇಲೆ ದಾಳಿ ನಡೆಸಿದೆ. ಮೊದಲು ಸಂಜೆ 4.30ರಲ್ಲಿ ಹಿಲ್ಲಹಳ್ಳಿ ಗ್ರಾಮದಲ್ಲಿ ಕಾಣಿಸಿಕೊಂಡ ನಾಯಿ ಇಬ್ಬರಿಗೆ ಕಚ್ಚಿ ಗಾಯಗೊಳಿಸಿದೆ. ನಂತರ ಅಕ್ಕಪಕ್ಕದ ಗ್ರಾಮಗಳಿಗೆ ತೆರಳಿ ಹಲವರ ಮೇಲೆ ದಾಳಿ ಮಾಡಿದೆ. ಗ್ರಾಮಸ್ಥರು ನಾಯಿಯನ್ನು ಹಿಡಿಯಲು ಯತ್ನಿಸಿದರೂ ಸಾಧ್ಯವಾಗಿಲ್ಲ. ಕೊನೆಗೆ ಸಂಜೆ 5.45ಕ್ಕೆ ನಾಯಿ ಸತ್ತು ಬಿದ್ದಿದೆ.
ಬಂದು ಆಲ್ಲಿದ್ದ ಐವರು ಜನರ ಮೇಲೆ ದಾಳಿ ನಡೆಸಿ, ಗಾಯಗೊಳಿಸಿದೆ. ಜನರ ಕಿರುಚಾಟದಿಂದ ಬೆದರಿದ ಆ
ಮೂಡಲಹುಂಡಿ, ವರಕೋಡು, ಹಿಲ್ಲಹಳ್ಳಿಯಲ್ಲಿ ಘಟನೆ
ಒಂದೇ ನಾಯಿ ಮೂರು ಗ್ರಾಮಗಳ ಗ್ರಾಮಸ್ಥರಿಗೆ ಕಂಟಕ
ನಾಯಿ ವರಕೋಡಿನಿಂದ ಒಂದೂವರೆ ಕಿ.ಮೀ ದೂರದಲ್ಲಿರುವ ಮೂಡಲಹುಂಡಿ ಗ್ರಾಮಕ್ಕೆ ಸಂಜೆ 6.30ಕ್ಕೆ ಬಂದಿದೆ.
ಸಂಜೆಯಾಗಿದ್ದರಿಂದ ರಸ್ತೆಯಲ್ಲಿ ಆಟ ಆಡುತ್ತಿದ್ದ ಮಕ್ಕಳು, ಗದ್ದೆ ಕೆಲಸ ಮುಗಿಸಿ ಬರುತ್ತಿದ್ದ ವಯಸ್ಕರ ಮೇಲೆ ದಾಳಿ ನಡೆಸಿದೆ.
ಸಿಲ್ ಮೂಡಲಹುಂಡಿಯ ಸುಮಾರು 8 ಮಂದಿಯಲ್ಲಿ ಮೂವರು ಮಕ್ಕಳಿಗೆ ಮುಖ, ಪಕ್ಕ, ಕೈ, ತೊಡೆ ಸೇರಿದಂತೆ
ವಿವಿಧೆಡೆ ಕಚ್ಚಿದ್ದು ಮಾಂಸ ಕಿತ್ತು ಬಂದಿದೆ. ಮೂಡಲಹುಂಡಿ ಗ್ರಾಮದ ಮಹೇಶ್ ಗೌಡ(55), ಪುಟ್ಟೇಗೌಡ(50), ಮಕ್ಕಳಾದ ಸಂಪತ್‌ಕುಮಾರ್, ಪ್ರೀತಿ, ಕಿರಣ್ ಹಾಗೂ ಇನ್ನು ಮೂವರನ್ನು ಮಂದಿಗೆ ತೀವ್ರ ಗಾಯವಾಗಿದೆ. ವರಕೋಡು ಗ್ರಾಮದ ಪ್ರಕಾಶ್, ಬಸವರಾಜು ಸೇರಿದಂತೆ ಹಲವರಿಗೆ ಗಾಯವಾಗಿದೆ. ಗಾಯಾಳುಗಳನ್ನು ಕೆ.ಆರ್.ಆಸ್ಪತ್ರೆಗೆ ಚಿಕಿತ್ಸೆಗಾಗಿ ದಾಖಲಿಸಲಾಗಿದೆ. ಅಲ್ಲದೆ ಸಂಜೆ ಚುಚ್ಚು ಮದ್ದು ನೀಡಲಾಗಿದ್ದು ಎಲ್ಲರೂ ಚೇತರಿಸಿಕೊಳ್ಳುತ್ತಿದ್ದಾರೆ. ಹಾಗಾಗಿ ಇಂದು ಬೆಳಿಗ್ಗೆ ಎಲ್ಲಾ ಗ್ರಾಮಸ್ಥರು ನಾಯಿಯ ಮೃತದೇಹವನ್ನು ಸುಟ್ಟುಹಾಕಿ ನಿಟ್ಟುಸಿರು ಬಿಟ್ಟರು. ಗಾಯಾಳುಗಳು ಕೆ.ಆರ್.ಆಸ್ಪತ್ರೆಯಲ್ಲಿ ಚಿಕಿತ್ಸೆ ಪಡೆದಿದ್ದಾರೆ. ಮತ್ತೆ ಹುಚ್ಚು ನಾಯಿ ಬಾಧಿತವಾದರೆ ಆತಂಕದಲ್ಲಿ ಗ್ರಾಮಸ್ಥರಿದ್ದಾರೆ.
